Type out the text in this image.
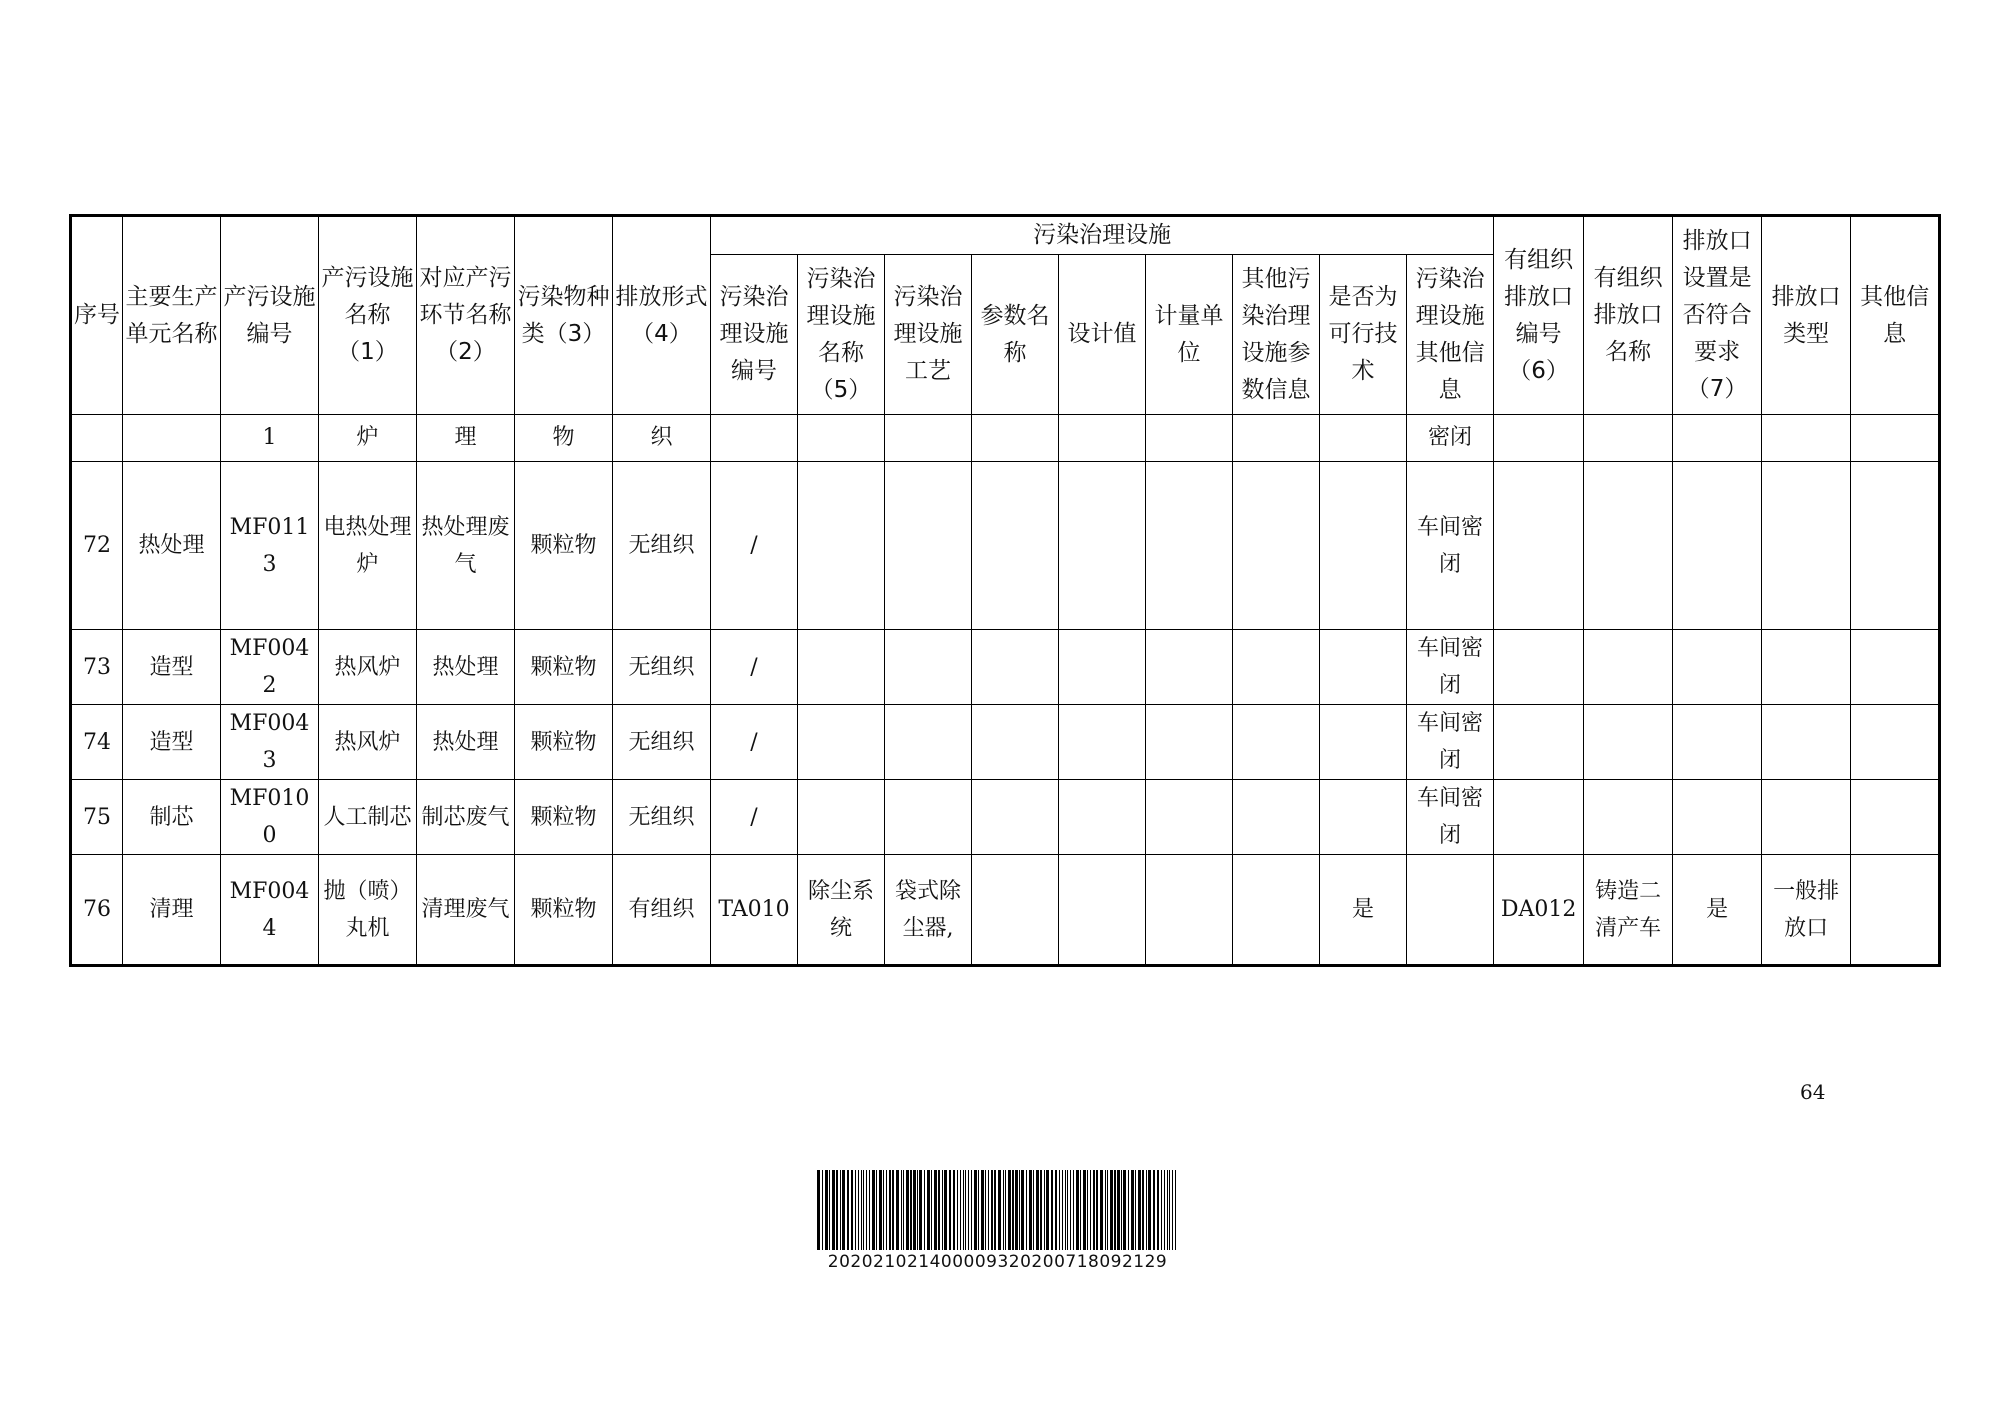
序号	主要生产单元名称	产污设施编号	产污设施名称（1）	对应产污环节名称（2）	污染物种类（3）	排放形式（4）	污染治理设施									有组织排放口编号（6）	有组织排放口名称	排放口设置是否符合要求（7）	排放口类型	其他信息
							污染治理设施编号	污染治理设施名称（5）	污染治理设施工艺	参数名称	设计值	计量单位	其他污染治理设施参数信息	是否为可行技术	污染治理设施其他信息					
		1	炉	理	物	织									密闭					
72	热处理	MF0113	电热处理炉	热处理废气	颗粒物	无组织	/								车间密闭					
73	造型	MF0042	热风炉	热处理	颗粒物	无组织	/								车间密闭					
74	造型	MF0043	热风炉	热处理	颗粒物	无组织	/								车间密闭					
75	制芯	MF0100	人工制芯	制芯废气	颗粒物	无组织	/								车间密闭					
76	清理	MF0044	抛（喷）丸机	清理废气	颗粒物	有组织	TA010	除尘系统	袋式除尘器,					是		DA012	铸造二清产车	是	一般排放口	
64
20202102140000932020071809212​9
